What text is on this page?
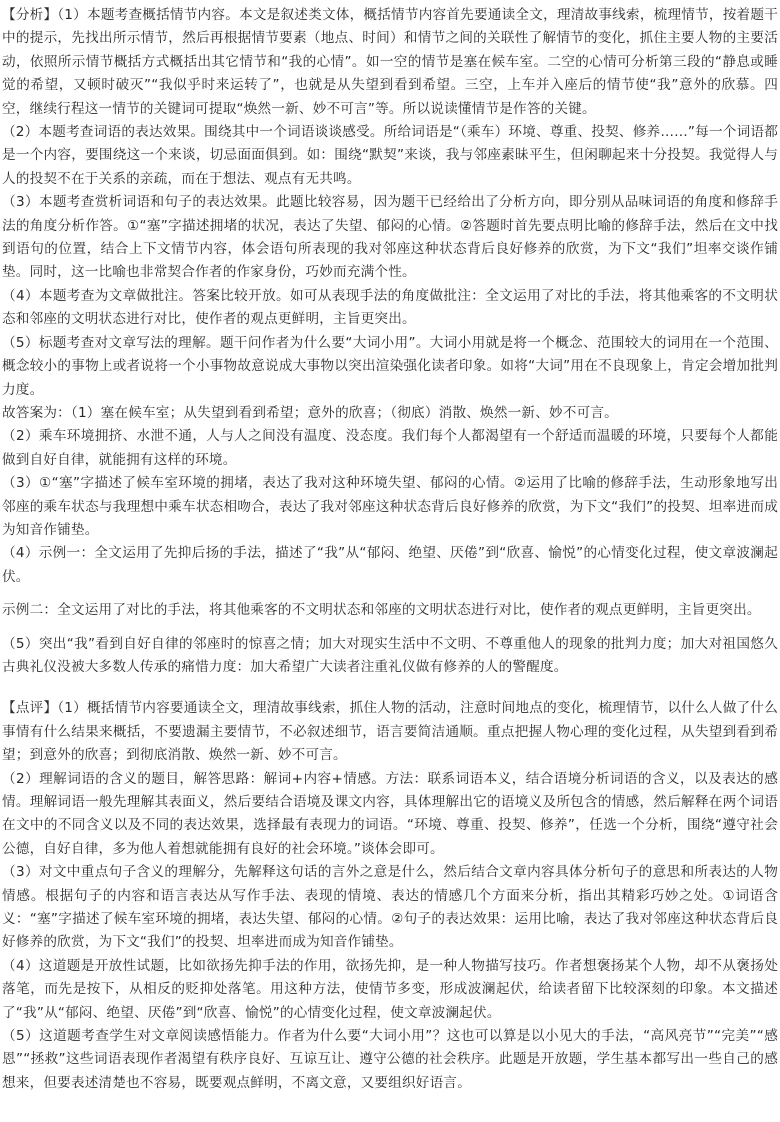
【分析】（1）本题考查概括情节内容。本文是叙述类文体，概括情节内容首先要通读全文，理清故事线索，梳理情节，按着题干中的提示，先找出所示情节，然后再根据情节要素（地点、时间）和情节之间的关联性了解情节的变化，抓住主要人物的主要活动，依照所示情节概括方式概括出其它情节和“我的心情”。如一空的情节是塞在候车室。二空的心情可分析第三段的“静息或睡觉的希望，又顿时破灭”“我似乎时来运转了”，也就是从失望到看到希望。三空，上车并入座后的情节使“我”意外的欣慕。四空，继续行程这一情节的关键词可提取“焕然一新、妙不可言”等。所以说读懂情节是作答的关键。

（2）本题考查词语的表达效果。围绕其中一个词语谈谈感受。所给词语是“（乘车）环境、尊重、投契、修养……”每一个词语都是一个内容，要围绕这一个来谈，切忌面面俱到。如：围绕“默契”来谈，我与邻座素昧平生，但闲聊起来十分投契。我觉得人与人的投契不在于关系的亲疏，而在于想法、观点有无共鸣。

（3）本题考查赏析词语和句子的表达效果。此题比较容易，因为题干已经给出了分析方向，即分别从品味词语的角度和修辞手法的角度分析作答。①“塞”字描述拥堵的状况，表达了失望、郁闷的心情。②答题时首先要点明比喻的修辞手法，然后在文中找到语句的位置，结合上下文情节内容，体会语句所表现的我对邻座这种状态背后良好修养的欣赏，为下文“我们”坦率交谈作铺垫。同时，这一比喻也非常契合作者的作家身份，巧妙而充满个性。

（4）本题考查为文章做批注。答案比较开放。如可从表现手法的角度做批注：全文运用了对比的手法，将其他乘客的不文明状态和邻座的文明状态进行对比，使作者的观点更鲜明，主旨更突出。

（5）标题考查对文章写法的理解。题干问作者为什么要“大词小用”。大词小用就是将一个概念、范围较大的词用在一个范围、概念较小的事物上或者说将一个小事物故意说成大事物以突出渲染强化读者印象。如将“大词”用在不良现象上，肯定会增加批判力度。

故答案为：（1）塞在候车室；从失望到看到希望；意外的欣喜；（彻底）消散、焕然一新、妙不可言。

（2）乘车环境拥挤、水泄不通，人与人之间没有温度、没态度。我们每个人都渴望有一个舒适而温暖的环境，只要每个人都能做到自好自律，就能拥有这样的环境。

（3）①“塞”字描述了候车室环境的拥堵，表达了我对这种环境失望、郁闷的心情。②运用了比喻的修辞手法，生动形象地写出邻座的乘车状态与我理想中乘车状态相吻合，表达了我对邻座这种状态背后良好修养的欣赏，为下文“我们”的投契、坦率进而成为知音作铺垫。

（4）示例一：全文运用了先抑后扬的手法，描述了“我”从“郁闷、绝望、厌倦”到“欣喜、愉悦”的心情变化过程，使文章波澜起伏。

示例二：全文运用了对比的手法，将其他乘客的不文明状态和邻座的文明状态进行对比，使作者的观点更鲜明，主旨更突出。

（5）突出“我”看到自好自律的邻座时的惊喜之情；加大对现实生活中不文明、不尊重他人的现象的批判力度；加大对祖国悠久古典礼仪没被大多数人传承的痛惜力度：加大希望广大读者注重礼仪做有修养的人的警醒度。

【点评】（1）概括情节内容要通读全文，理清故事线索，抓住人物的活动，注意时间地点的变化，梳理情节，以什么人做了什么事情有什么结果来概括，不要遗漏主要情节，不必叙述细节，语言要简洁通顺。重点把握人物心理的变化过程，从失望到看到希望；到意外的欣喜；到彻底消散、焕然一新、妙不可言。

（2）理解词语的含义的题目，解答思路：解词+内容+情感。方法：联系词语本义，结合语境分析词语的含义，以及表达的感情。理解词语一般先理解其表面义，然后要结合语境及课文内容，具体理解出它的语境义及所包含的情感，然后解释在两个词语在文中的不同含义以及不同的表达效果，选择最有表现力的词语。“环境、尊重、投契、修养”，任选一个分析，围绕“遵守社会公德，自好自律，多为他人着想就能拥有良好的社会环境。”谈体会即可。

（3）对文中重点句子含义的理解分，先解释这句话的言外之意是什么，然后结合文章内容具体分析句子的意思和所表达的人物情感。根据句子的内容和语言表达从写作手法、表现的情境、表达的情感几个方面来分析，指出其精彩巧妙之处。①词语含义：“塞”字描述了候车室环境的拥堵，表达失望、郁闷的心情。②句子的表达效果：运用比喻，表达了我对邻座这种状态背后良好修养的欣赏，为下文“我们”的投契、坦率进而成为知音作铺垫。

（4）这道题是开放性试题，比如欲扬先抑手法的作用，欲扬先抑，是一种人物描写技巧。作者想褒扬某个人物，却不从褒扬处落笔，而先是按下，从相反的贬抑处落笔。用这种方法，使情节多变，形成波澜起伏，给读者留下比较深刻的印象。本文描述了“我”从“郁闷、绝望、厌倦”到“欣喜、愉悦”的心情变化过程，使文章波澜起伏。

（5）这道题考查学生对文章阅读感悟能力。作者为什么要“大词小用”？这也可以算是以小见大的手法，“高风亮节”“完美”“感恩”“拯救”这些词语表现作者渴望有秩序良好、互谅互让、遵守公德的社会秩序。此题是开放题，学生基本都写出一些自己的感想来，但要表述清楚也不容易，既要观点鲜明，不离文意，又要组织好语言。
